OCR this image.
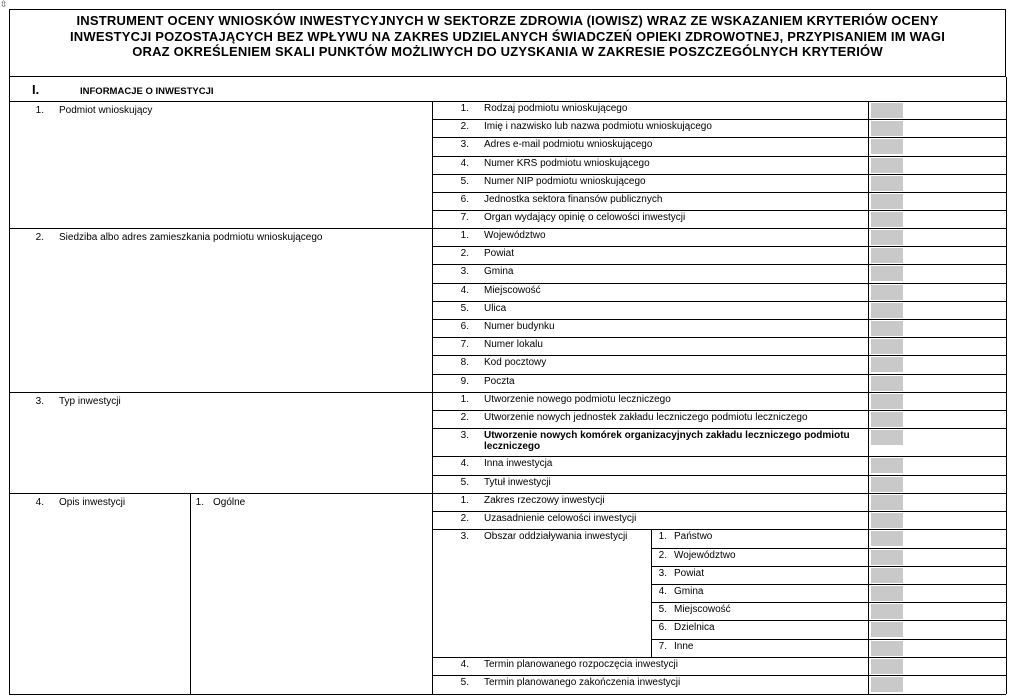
⇳
INSTRUMENT OCENY WNIOSKÓW INWESTYCYJNYCH W SEKTORZE ZDROWIA (IOWISZ) WRAZ ZE WSKAZANIEM KRYTERIÓW OCENY
INWESTYCJI POZOSTAJĄCYCH BEZ WPŁYWU NA ZAKRES UDZIELANYCH ŚWIADCZEŃ OPIEKI ZDROWOTNEJ, PRZYPISANIEM IM WAGI
ORAZ OKREŚLENIEM SKALI PUNKTÓW MOŻLIWYCH DO UZYSKANIA W ZAKRESIE POSZCZEGÓLNYCH KRYTERIÓW
I.	INFORMACJE O INWESTYCJI
1. Podmiot wnioskujący	1. Rodzaj podmiotu wnioskującego
2. Imię i nazwisko lub nazwa podmiotu wnioskującego
3. Adres e-mail podmiotu wnioskującego
4. Numer KRS podmiotu wnioskującego
5. Numer NIP podmiotu wnioskującego
6. Jednostka sektora finansów publicznych
7. Organ wydający opinię o celowości inwestycji
2. Siedziba albo adres zamieszkania podmiotu wnioskującego	1. Województwo
2. Powiat
3. Gmina
4. Miejscowość
5. Ulica
6. Numer budynku
7. Numer lokalu
8. Kod pocztowy
9. Poczta
3. Typ inwestycji	1. Utworzenie nowego podmiotu leczniczego
2. Utworzenie nowych jednostek zakładu leczniczego podmiotu leczniczego
3. Utworzenie nowych komórek organizacyjnych zakładu leczniczego podmiotu
leczniczego
4. Inna inwestycja
5. Tytuł inwestycji
4. Opis inwestycji	1. Ogólne	1. Zakres rzeczowy inwestycji
2. Uzasadnienie celowości inwestycji
3. Obszar oddziaływania inwestycji	1. Państwo
2. Województwo
3. Powiat
4. Gmina
5. Miejscowość
6. Dzielnica
7. Inne
4. Termin planowanego rozpoczęcia inwestycji
5. Termin planowanego zakończenia inwestycji
